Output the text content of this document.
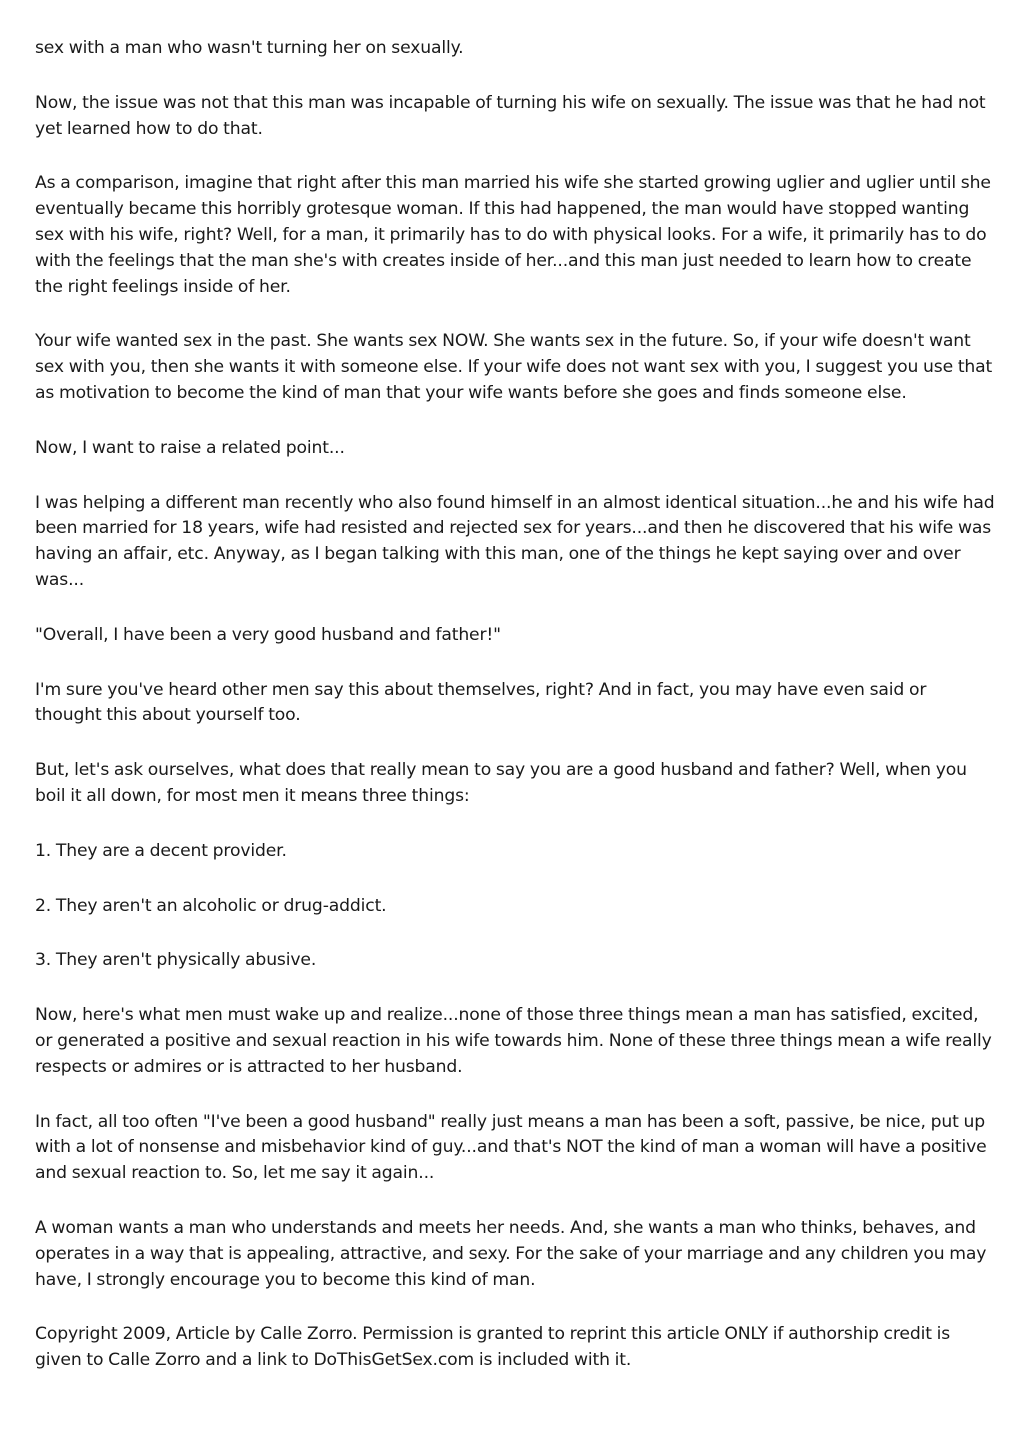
sex with a man who wasn't turning her on sexually.

Now, the issue was not that this man was incapable of turning his wife on sexually. The issue was that he had not yet learned how to do that.

As a comparison, imagine that right after this man married his wife she started growing uglier and uglier until she eventually became this horribly grotesque woman. If this had happened, the man would have stopped wanting sex with his wife, right? Well, for a man, it primarily has to do with physical looks. For a wife, it primarily has to do with the feelings that the man she's with creates inside of her...and this man just needed to learn how to create the right feelings inside of her.

Your wife wanted sex in the past. She wants sex NOW. She wants sex in the future. So, if your wife doesn't want sex with you, then she wants it with someone else. If your wife does not want sex with you, I suggest you use that as motivation to become the kind of man that your wife wants before she goes and finds someone else.

Now, I want to raise a related point...

I was helping a different man recently who also found himself in an almost identical situation...he and his wife had been married for 18 years, wife had resisted and rejected sex for years...and then he discovered that his wife was having an affair, etc. Anyway, as I began talking with this man, one of the things he kept saying over and over was...

"Overall, I have been a very good husband and father!"

I'm sure you've heard other men say this about themselves, right? And in fact, you may have even said or thought this about yourself too.

But, let's ask ourselves, what does that really mean to say you are a good husband and father? Well, when you boil it all down, for most men it means three things:

1. They are a decent provider.

2. They aren't an alcoholic or drug-addict.

3. They aren't physically abusive.

Now, here's what men must wake up and realize...none of those three things mean a man has satisfied, excited, or generated a positive and sexual reaction in his wife towards him. None of these three things mean a wife really respects or admires or is attracted to her husband.

In fact, all too often "I've been a good husband" really just means a man has been a soft, passive, be nice, put up with a lot of nonsense and misbehavior kind of guy...and that's NOT the kind of man a woman will have a positive and sexual reaction to. So, let me say it again...

A woman wants a man who understands and meets her needs. And, she wants a man who thinks, behaves, and operates in a way that is appealing, attractive, and sexy. For the sake of your marriage and any children you may have, I strongly encourage you to become this kind of man.

Copyright 2009, Article by Calle Zorro. Permission is granted to reprint this article ONLY if authorship credit is given to Calle Zorro and a link to DoThisGetSex.com is included with it.
